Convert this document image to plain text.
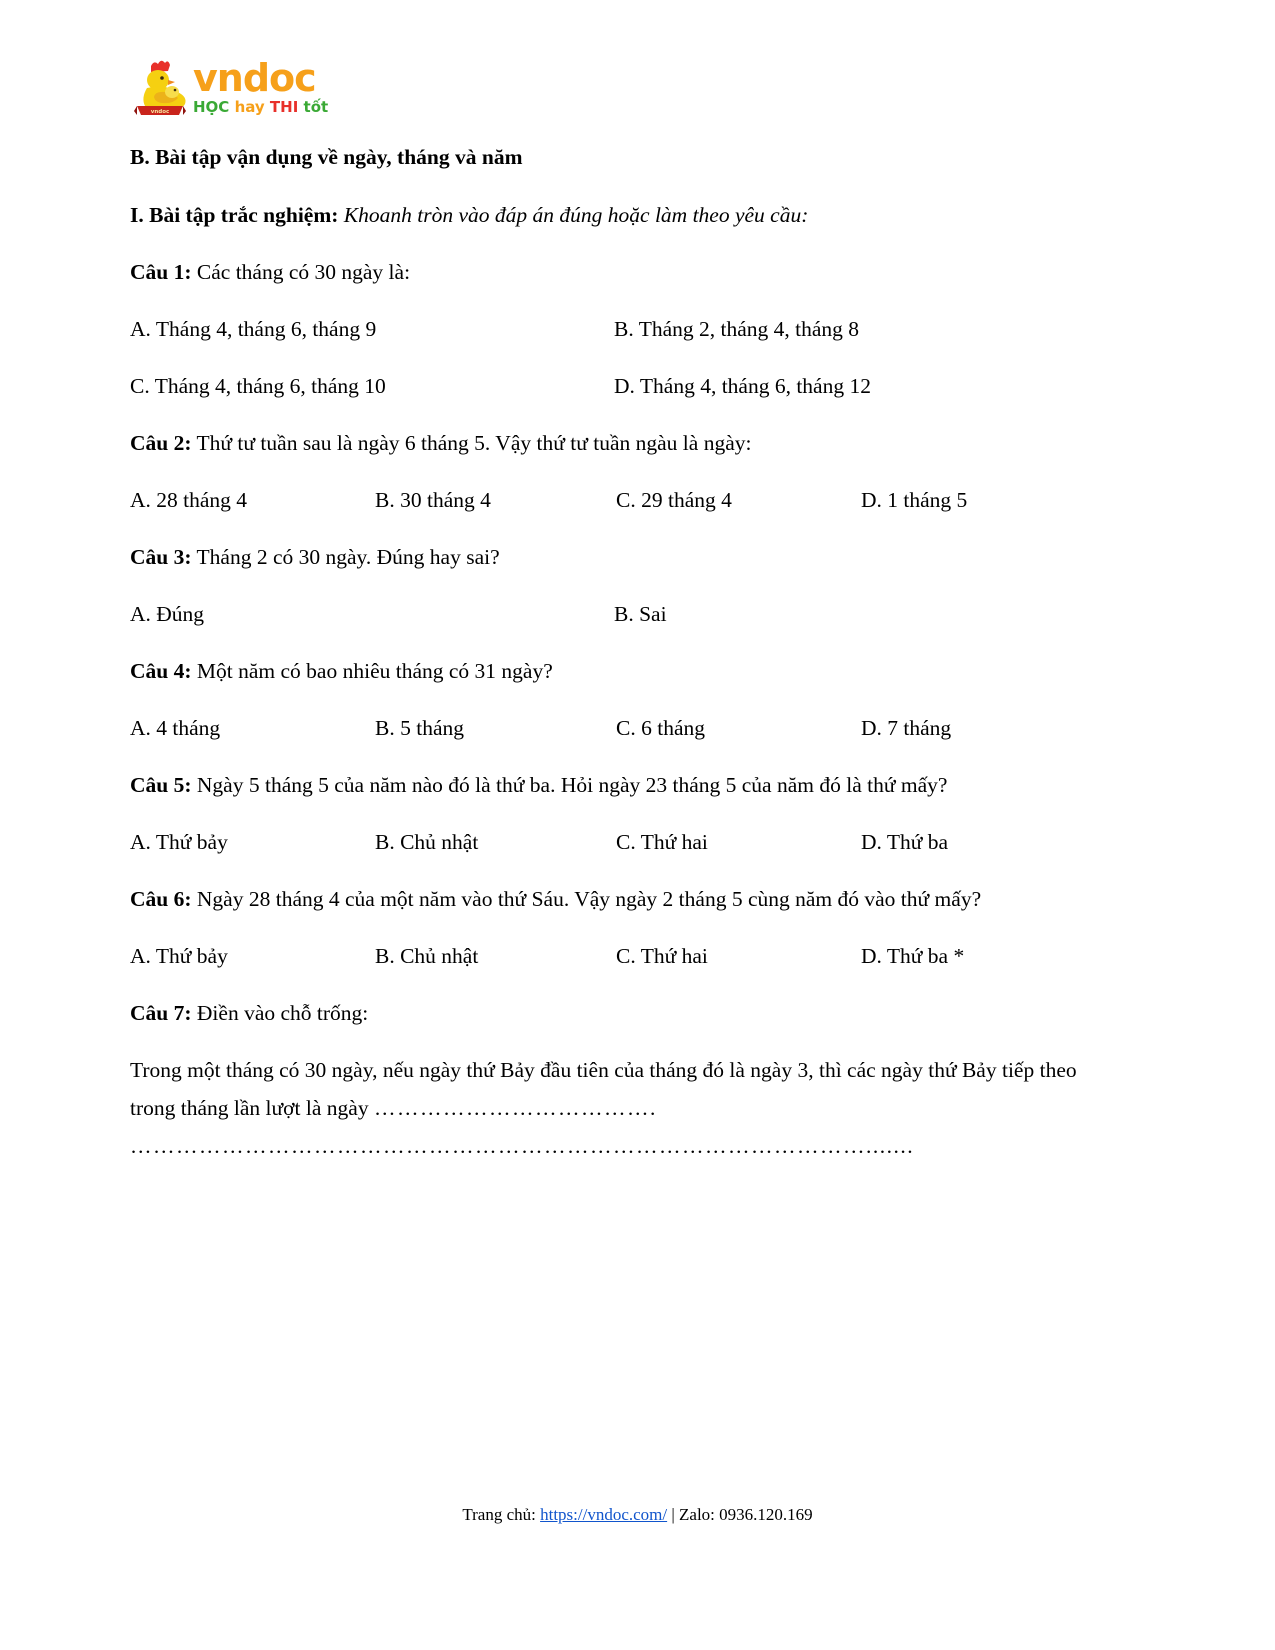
vndoc
vndoc
HỌC hay THI tốt
B. Bài tập vận dụng về ngày, tháng và năm

I. Bài tập trắc nghiệm: Khoanh tròn vào đáp án đúng hoặc làm theo yêu cầu:

Câu 1: Các tháng có 30 ngày là:

A. Tháng 4, tháng 6, tháng 9	B. Tháng 2, tháng 4, tháng 8
C. Tháng 4, tháng 6, tháng 10	D. Tháng 4, tháng 6, tháng 12

Câu 2: Thứ tư tuần sau là ngày 6 tháng 5. Vậy thứ tư tuần ngàu là ngày:

A. 28 tháng 4	B. 30 tháng 4	C. 29 tháng 4	D. 1 tháng 5

Câu 3: Tháng 2 có 30 ngày. Đúng hay sai?

A. Đúng	B. Sai

Câu 4: Một năm có bao nhiêu tháng có 31 ngày?

A. 4 tháng	B. 5 tháng	C. 6 tháng	D. 7 tháng

Câu 5: Ngày 5 tháng 5 của năm nào đó là thứ ba. Hỏi ngày 23 tháng 5 của năm đó là thứ mấy?

A. Thứ bảy	B. Chủ nhật	C. Thứ hai	D. Thứ ba

Câu 6: Ngày 28 tháng 4 của một năm vào thứ Sáu. Vậy ngày 2 tháng 5 cùng năm đó vào thứ mấy?

A. Thứ bảy	B. Chủ nhật	C. Thứ hai	D. Thứ ba *

Câu 7: Điền vào chỗ trống:

Trong một tháng có 30 ngày, nếu ngày thứ Bảy đầu tiên của tháng đó là ngày 3, thì các ngày thứ Bảy tiếp theo trong tháng lần lượt là ngày ……………………………….

…………………………………………………………………………………….......

Trang chủ: https://vndoc.com/ | Zalo: 0936.120.169
